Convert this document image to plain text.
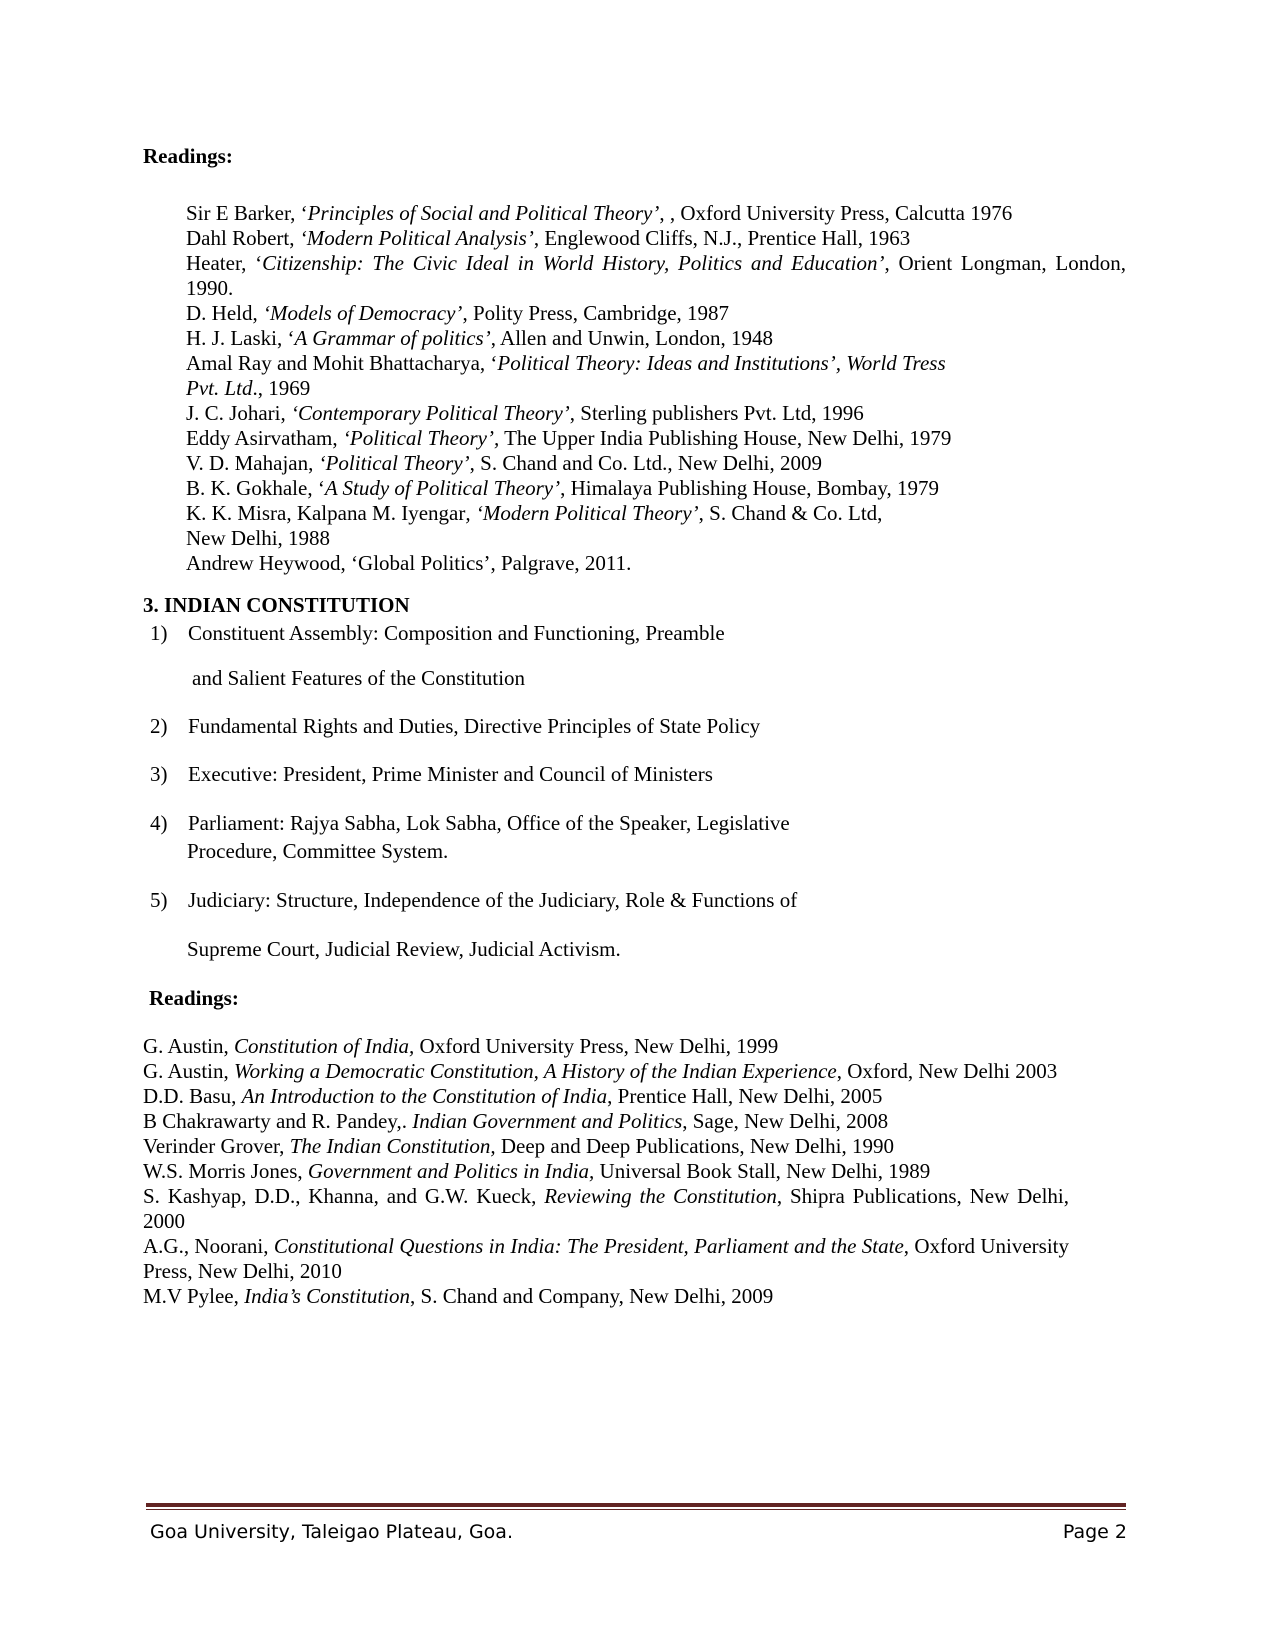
Readings:
Sir E Barker, ‘Principles of Social and Political Theory’, , Oxford University Press, Calcutta 1976
Dahl Robert, ‘Modern Political Analysis’, Englewood Cliffs, N.J., Prentice Hall, 1963
Heater, ‘Citizenship: The Civic Ideal in World History, Politics and Education’, Orient Longman, London, 1990.
D. Held, ‘Models of Democracy’, Polity Press, Cambridge, 1987
H. J. Laski, ‘A Grammar of politics’, Allen and Unwin, London, 1948
Amal Ray and Mohit Bhattacharya, ‘Political Theory: Ideas and Institutions’, World Tress Pvt. Ltd., 1969
J. C. Johari, ‘Contemporary Political Theory’, Sterling publishers Pvt. Ltd, 1996
Eddy Asirvatham, ‘Political Theory’, The Upper India Publishing House, New Delhi, 1979
V. D. Mahajan, ‘Political Theory’, S. Chand and Co. Ltd., New Delhi, 2009
B. K. Gokhale, ‘A Study of Political Theory’, Himalaya Publishing House, Bombay, 1979
K. K. Misra, Kalpana M. Iyengar, ‘Modern Political Theory’, S. Chand & Co. Ltd, New Delhi, 1988
Andrew Heywood, ‘Global Politics’, Palgrave, 2011.
3. INDIAN CONSTITUTION
1) Constituent Assembly: Composition and Functioning, Preamble
and Salient Features of the Constitution
2) Fundamental Rights and Duties, Directive Principles of State Policy
3) Executive: President, Prime Minister and Council of Ministers
4) Parliament: Rajya Sabha, Lok Sabha, Office of the Speaker, Legislative
Procedure, Committee System.
5) Judiciary: Structure, Independence of the Judiciary, Role & Functions of
Supreme Court, Judicial Review, Judicial Activism.
Readings:
G. Austin, Constitution of India, Oxford University Press, New Delhi, 1999
G. Austin, Working a Democratic Constitution, A History of the Indian Experience, Oxford, New Delhi 2003
D.D. Basu, An Introduction to the Constitution of India, Prentice Hall, New Delhi, 2005
B Chakrawarty and R. Pandey,. Indian Government and Politics, Sage, New Delhi, 2008
Verinder Grover, The Indian Constitution, Deep and Deep Publications, New Delhi, 1990
W.S. Morris Jones, Government and Politics in India, Universal Book Stall, New Delhi, 1989
S. Kashyap, D.D., Khanna, and G.W. Kueck, Reviewing the Constitution, Shipra Publications, New Delhi, 2000
A.G., Noorani, Constitutional Questions in India: The President, Parliament and the State, Oxford University Press, New Delhi, 2010
M.V Pylee, India’s Constitution, S. Chand and Company, New Delhi, 2009
Goa University, Taleigao Plateau, Goa.	Page 2
